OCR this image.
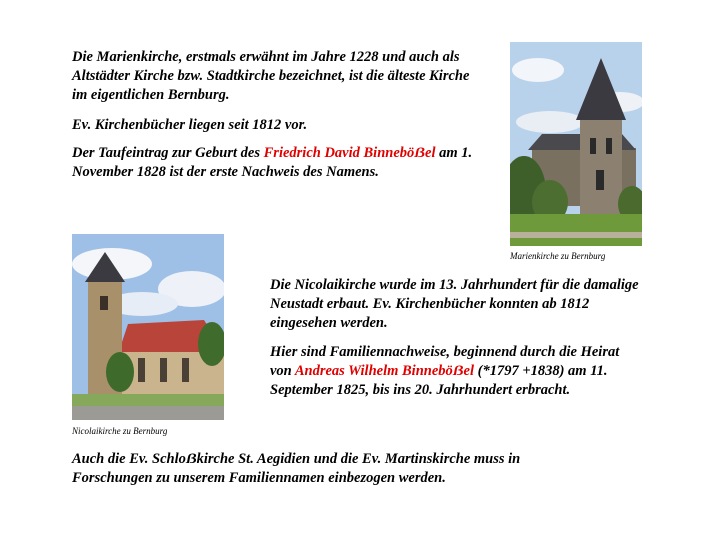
Die Marienkirche, erstmals erwähnt im Jahre 1228 und auch als Altstädter Kirche bzw. Stadtkirche bezeichnet, ist die älteste Kirche im eigentlichen Bernburg.

Ev. Kirchenbücher liegen seit 1812 vor.

Der Taufeintrag zur Geburt des Friedrich David Binneböẞel am 1. November 1828 ist der erste Nachweis des Namens.

Marienkirche zu Bernburg

Nicolaikirche zu Bernburg

Die Nicolaikirche wurde im 13. Jahrhundert für die damalige Neustadt erbaut. Ev. Kirchenbücher konnten ab 1812 eingesehen werden.

Hier sind Familiennachweise, beginnend durch die Heirat von Andreas Wilhelm Binneböẞel (*1797 +1838) am 11. September 1825, bis ins 20. Jahrhundert erbracht.

Auch die Ev. Schloẞkirche St. Aegidien und die Ev. Martinskirche muss in Forschungen zu unserem Familiennamen einbezogen werden.
